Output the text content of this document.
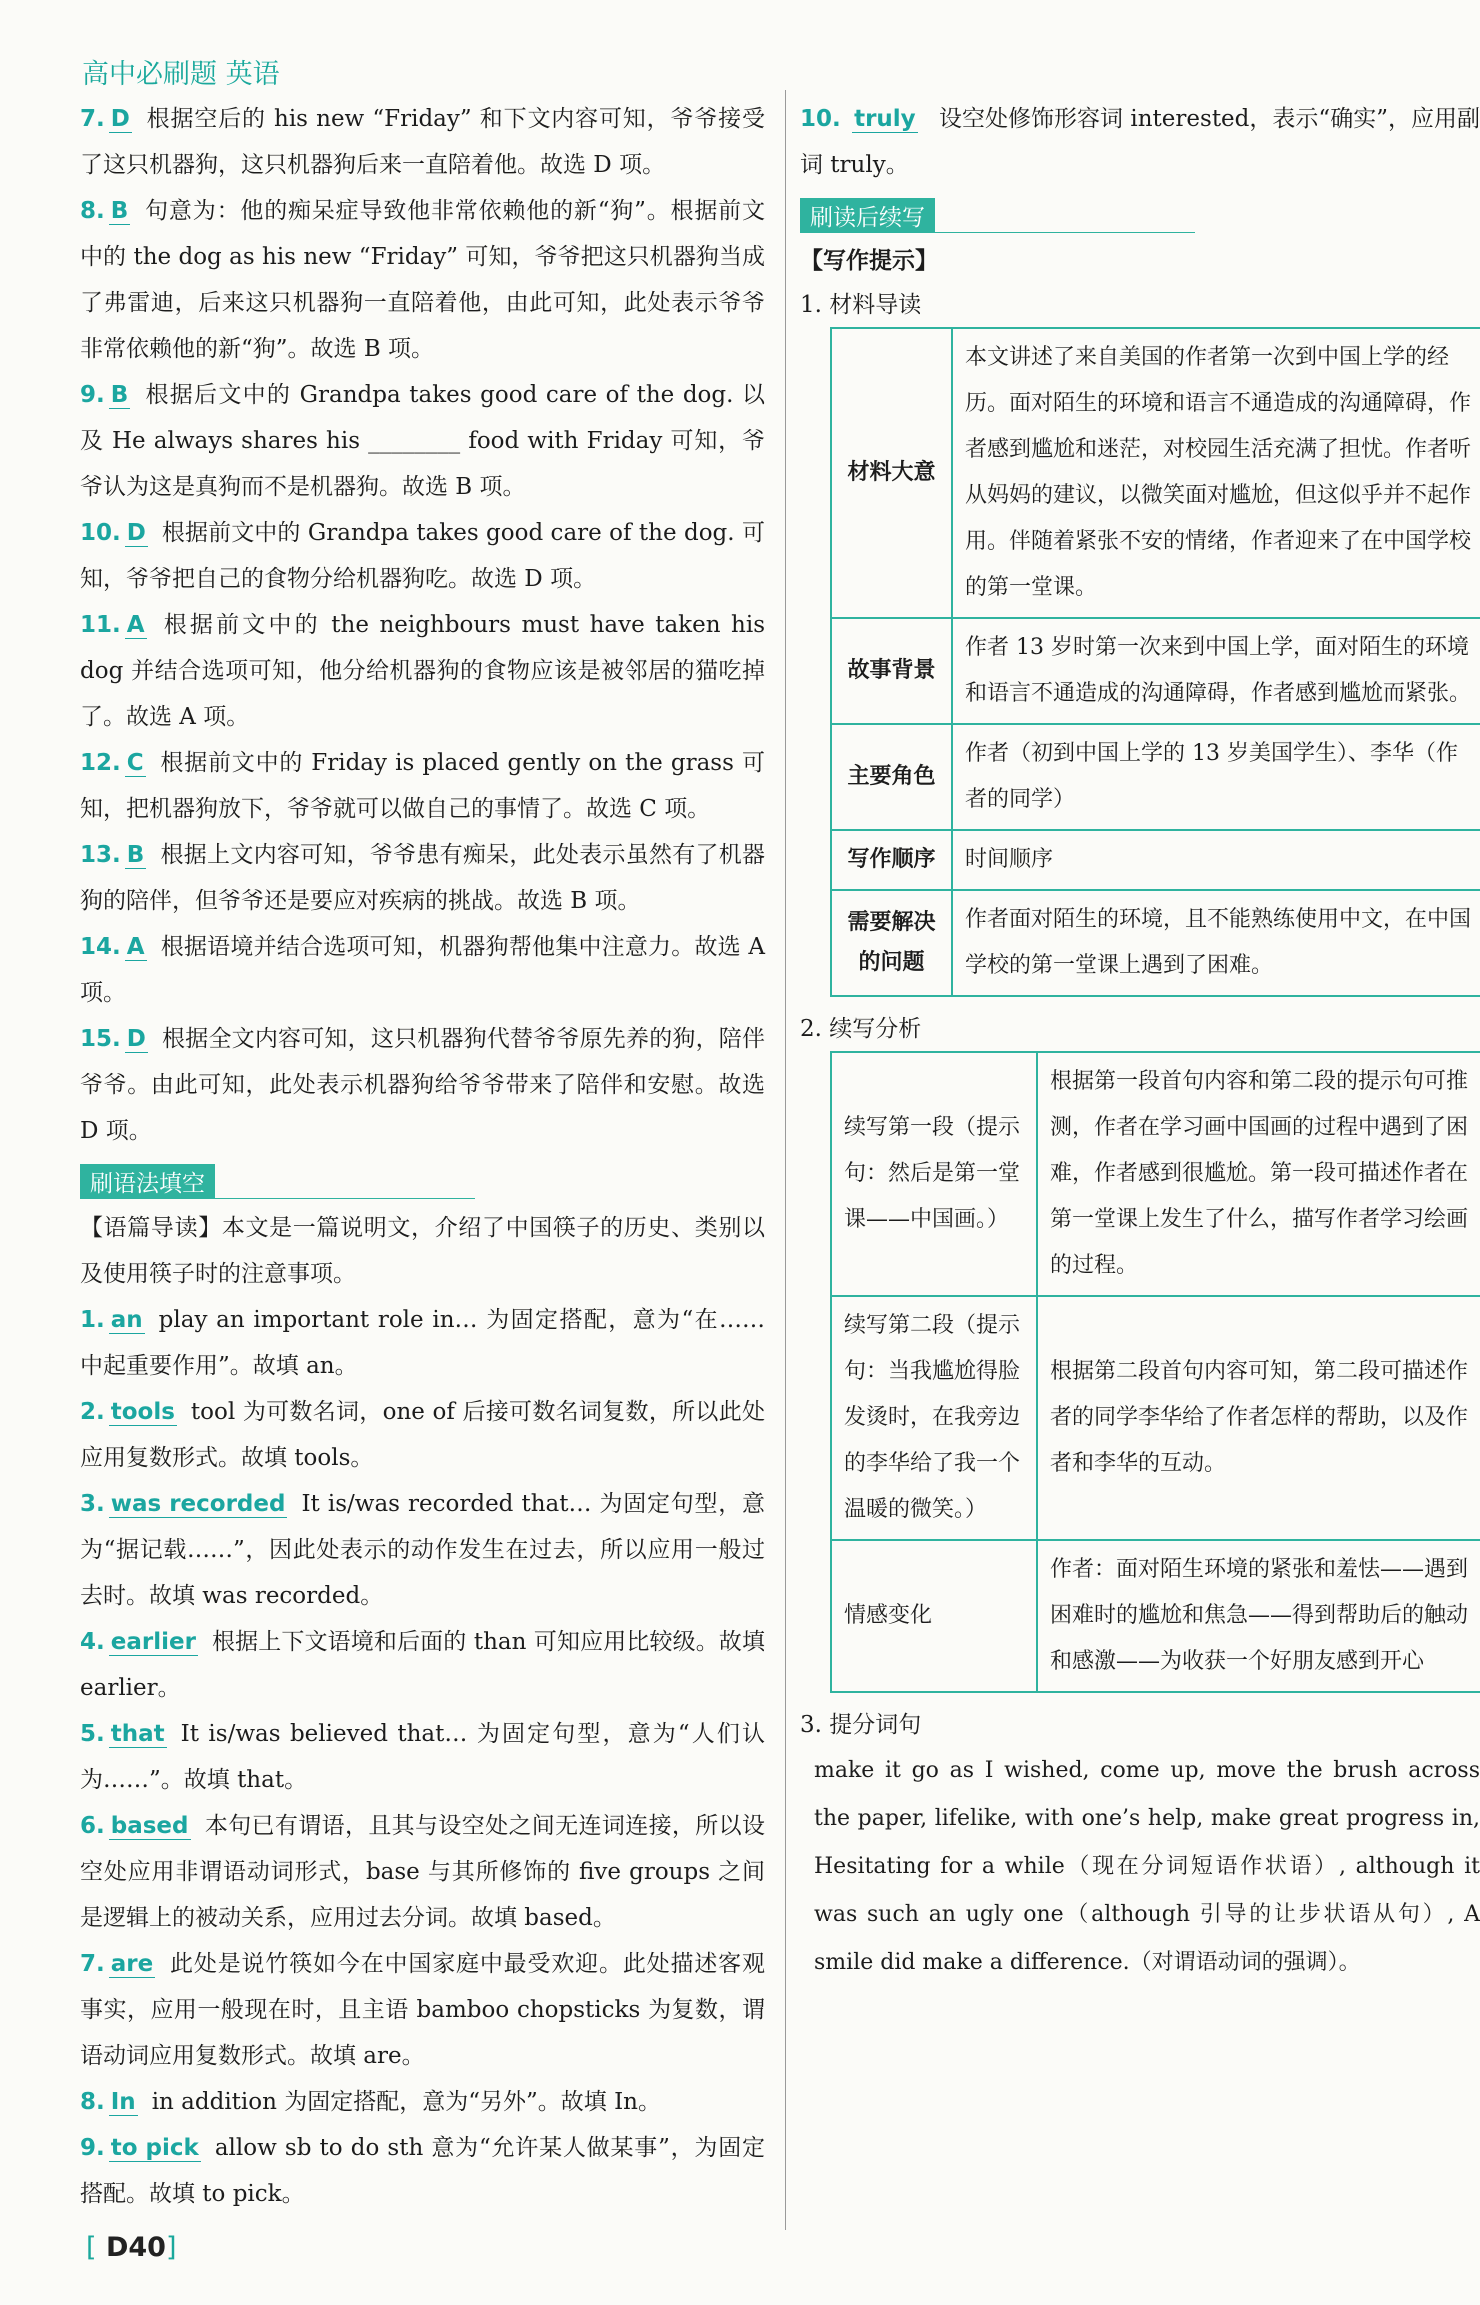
高中必刷题 英语

7. D 根据空后的 his new “Friday” 和下文内容可知，爷爷接受了这只机器狗，这只机器狗后来一直陪着他。故选 D 项。

8. B 句意为：他的痴呆症导致他非常依赖他的新“狗”。根据前文中的 the dog as his new “Friday” 可知，爷爷把这只机器狗当成了弗雷迪，后来这只机器狗一直陪着他，由此可知，此处表示爷爷非常依赖他的新“狗”。故选 B 项。

9. B 根据后文中的 Grandpa takes good care of the dog. 以及 He always shares his ________ food with Friday 可知，爷爷认为这是真狗而不是机器狗。故选 B 项。

10. D 根据前文中的 Grandpa takes good care of the dog. 可知，爷爷把自己的食物分给机器狗吃。故选 D 项。

11. A 根据前文中的 the neighbours must have taken his dog 并结合选项可知，他分给机器狗的食物应该是被邻居的猫吃掉了。故选 A 项。

12. C 根据前文中的 Friday is placed gently on the grass 可知，把机器狗放下，爷爷就可以做自己的事情了。故选 C 项。

13. B 根据上文内容可知，爷爷患有痴呆，此处表示虽然有了机器狗的陪伴，但爷爷还是要应对疾病的挑战。故选 B 项。

14. A 根据语境并结合选项可知，机器狗帮他集中注意力。故选 A 项。

15. D 根据全文内容可知，这只机器狗代替爷爷原先养的狗，陪伴爷爷。由此可知，此处表示机器狗给爷爷带来了陪伴和安慰。故选 D 项。

刷语法填空

【语篇导读】本文是一篇说明文，介绍了中国筷子的历史、类别以及使用筷子时的注意事项。

1. an play an important role in… 为固定搭配，意为“在……中起重要作用”。故填 an。

2. tools tool 为可数名词，one of 后接可数名词复数，所以此处应用复数形式。故填 tools。

3. was recorded It is/was recorded that… 为固定句型，意为“据记载……”，因此处表示的动作发生在过去，所以应用一般过去时。故填 was recorded。

4. earlier 根据上下文语境和后面的 than 可知应用比较级。故填 earlier。

5. that It is/was believed that… 为固定句型，意为“人们认为……”。故填 that。

6. based 本句已有谓语，且其与设空处之间无连词连接，所以设空处应用非谓语动词形式，base 与其所修饰的 five groups 之间是逻辑上的被动关系，应用过去分词。故填 based。

7. are 此处是说竹筷如今在中国家庭中最受欢迎。此处描述客观事实，应用一般现在时，且主语 bamboo chopsticks 为复数，谓语动词应用复数形式。故填 are。

8. In in addition 为固定搭配，意为“另外”。故填 In。

9. to pick allow sb to do sth 意为“允许某人做某事”，为固定搭配。故填 to pick。

10. truly 设空处修饰形容词 interested，表示“确实”，应用副词 truly。

刷读后续写
【写作提示】

1. 材料导读

材料大意	本文讲述了来自美国的作者第一次到中国上学的经历。面对陌生的环境和语言不通造成的沟通障碍，作者感到尴尬和迷茫，对校园生活充满了担忧。作者听从妈妈的建议，以微笑面对尴尬，但这似乎并不起作用。伴随着紧张不安的情绪，作者迎来了在中国学校的第一堂课。
故事背景	作者 13 岁时第一次来到中国上学，面对陌生的环境和语言不通造成的沟通障碍，作者感到尴尬而紧张。
主要角色	作者（初到中国上学的 13 岁美国学生）、李华（作者的同学）
写作顺序	时间顺序
需要解决的问题	作者面对陌生的环境，且不能熟练使用中文，在中国学校的第一堂课上遇到了困难。

2. 续写分析

续写第一段（提示句：然后是第一堂课——中国画。）	根据第一段首句内容和第二段的提示句可推测，作者在学习画中国画的过程中遇到了困难，作者感到很尴尬。第一段可描述作者在第一堂课上发生了什么，描写作者学习绘画的过程。
续写第二段（提示句：当我尴尬得脸发烫时，在我旁边的李华给了我一个温暖的微笑。）	根据第二段首句内容可知，第二段可描述作者的同学李华给了作者怎样的帮助，以及作者和李华的互动。
情感变化	作者：面对陌生环境的紧张和羞怯——遇到困难时的尴尬和焦急——得到帮助后的触动和感激——为收获一个好朋友感到开心

3. 提分词句

make it go as I wished, come up, move the brush across the paper, lifelike, with one’s help, make great progress in, Hesitating for a while（现在分词短语作状语）, although it was such an ugly one（although 引导的让步状语从句）, A smile did make a difference.（对谓语动词的强调）。

[ D40]
